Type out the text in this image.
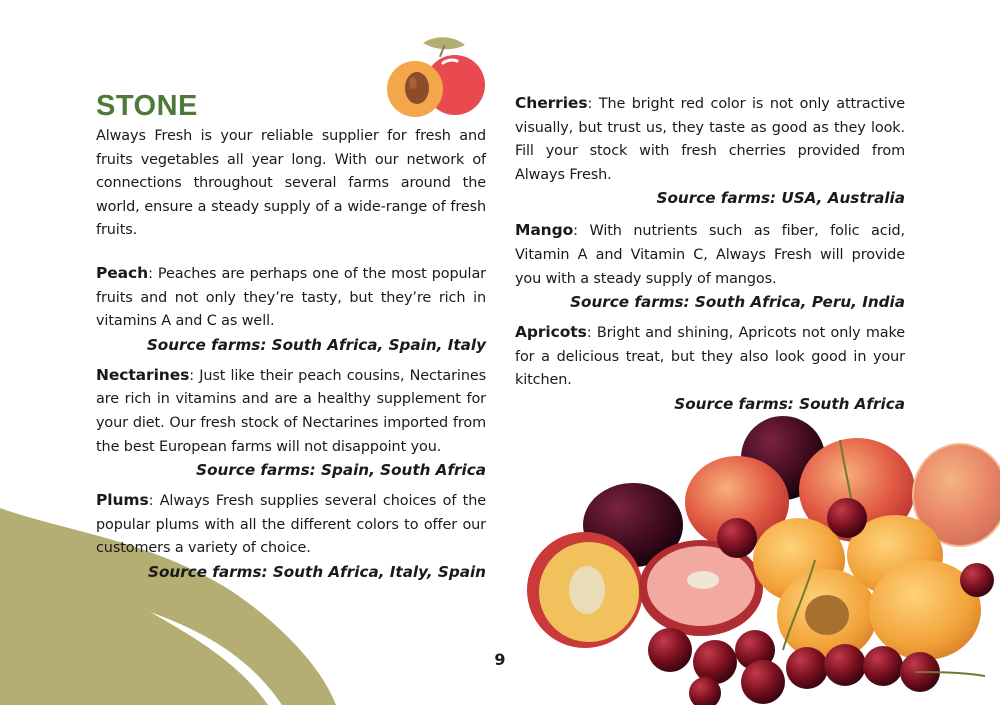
STONE

Always Fresh is your reliable supplier for fresh and fruits vegetables all year long. With our network of connections throughout several farms around the world, ensure a steady supply of a wide-range of fresh fruits.

Peach: Peaches are perhaps one of the most popular fruits and not only they’re tasty, but they’re rich in vitamins A and C as well.

Source farms: South Africa, Spain, Italy

Nectarines: Just like their peach cousins, Nectarines are rich in vitamins and are a healthy supplement for your diet. Our fresh stock of Nectarines imported from the best European farms will not disappoint you.

Source farms: Spain, South Africa

Plums: Always Fresh supplies several choices of the popular plums with all the different colors to offer our customers a variety of choice.

Source farms: South Africa, Italy, Spain

Cherries: The bright red color is not only attractive visually, but trust us, they taste as good as they look. Fill your stock with fresh cherries provided from Always Fresh.

Source farms: USA, Australia

Mango: With nutrients such as fiber, folic acid, Vitamin A and Vitamin C, Always Fresh will provide you with a steady supply of mangos.

Source farms: South Africa, Peru, India

Apricots: Bright and shining, Apricots not only make for a delicious treat, but they also look good in your kitchen.

Source farms: South Africa
9
